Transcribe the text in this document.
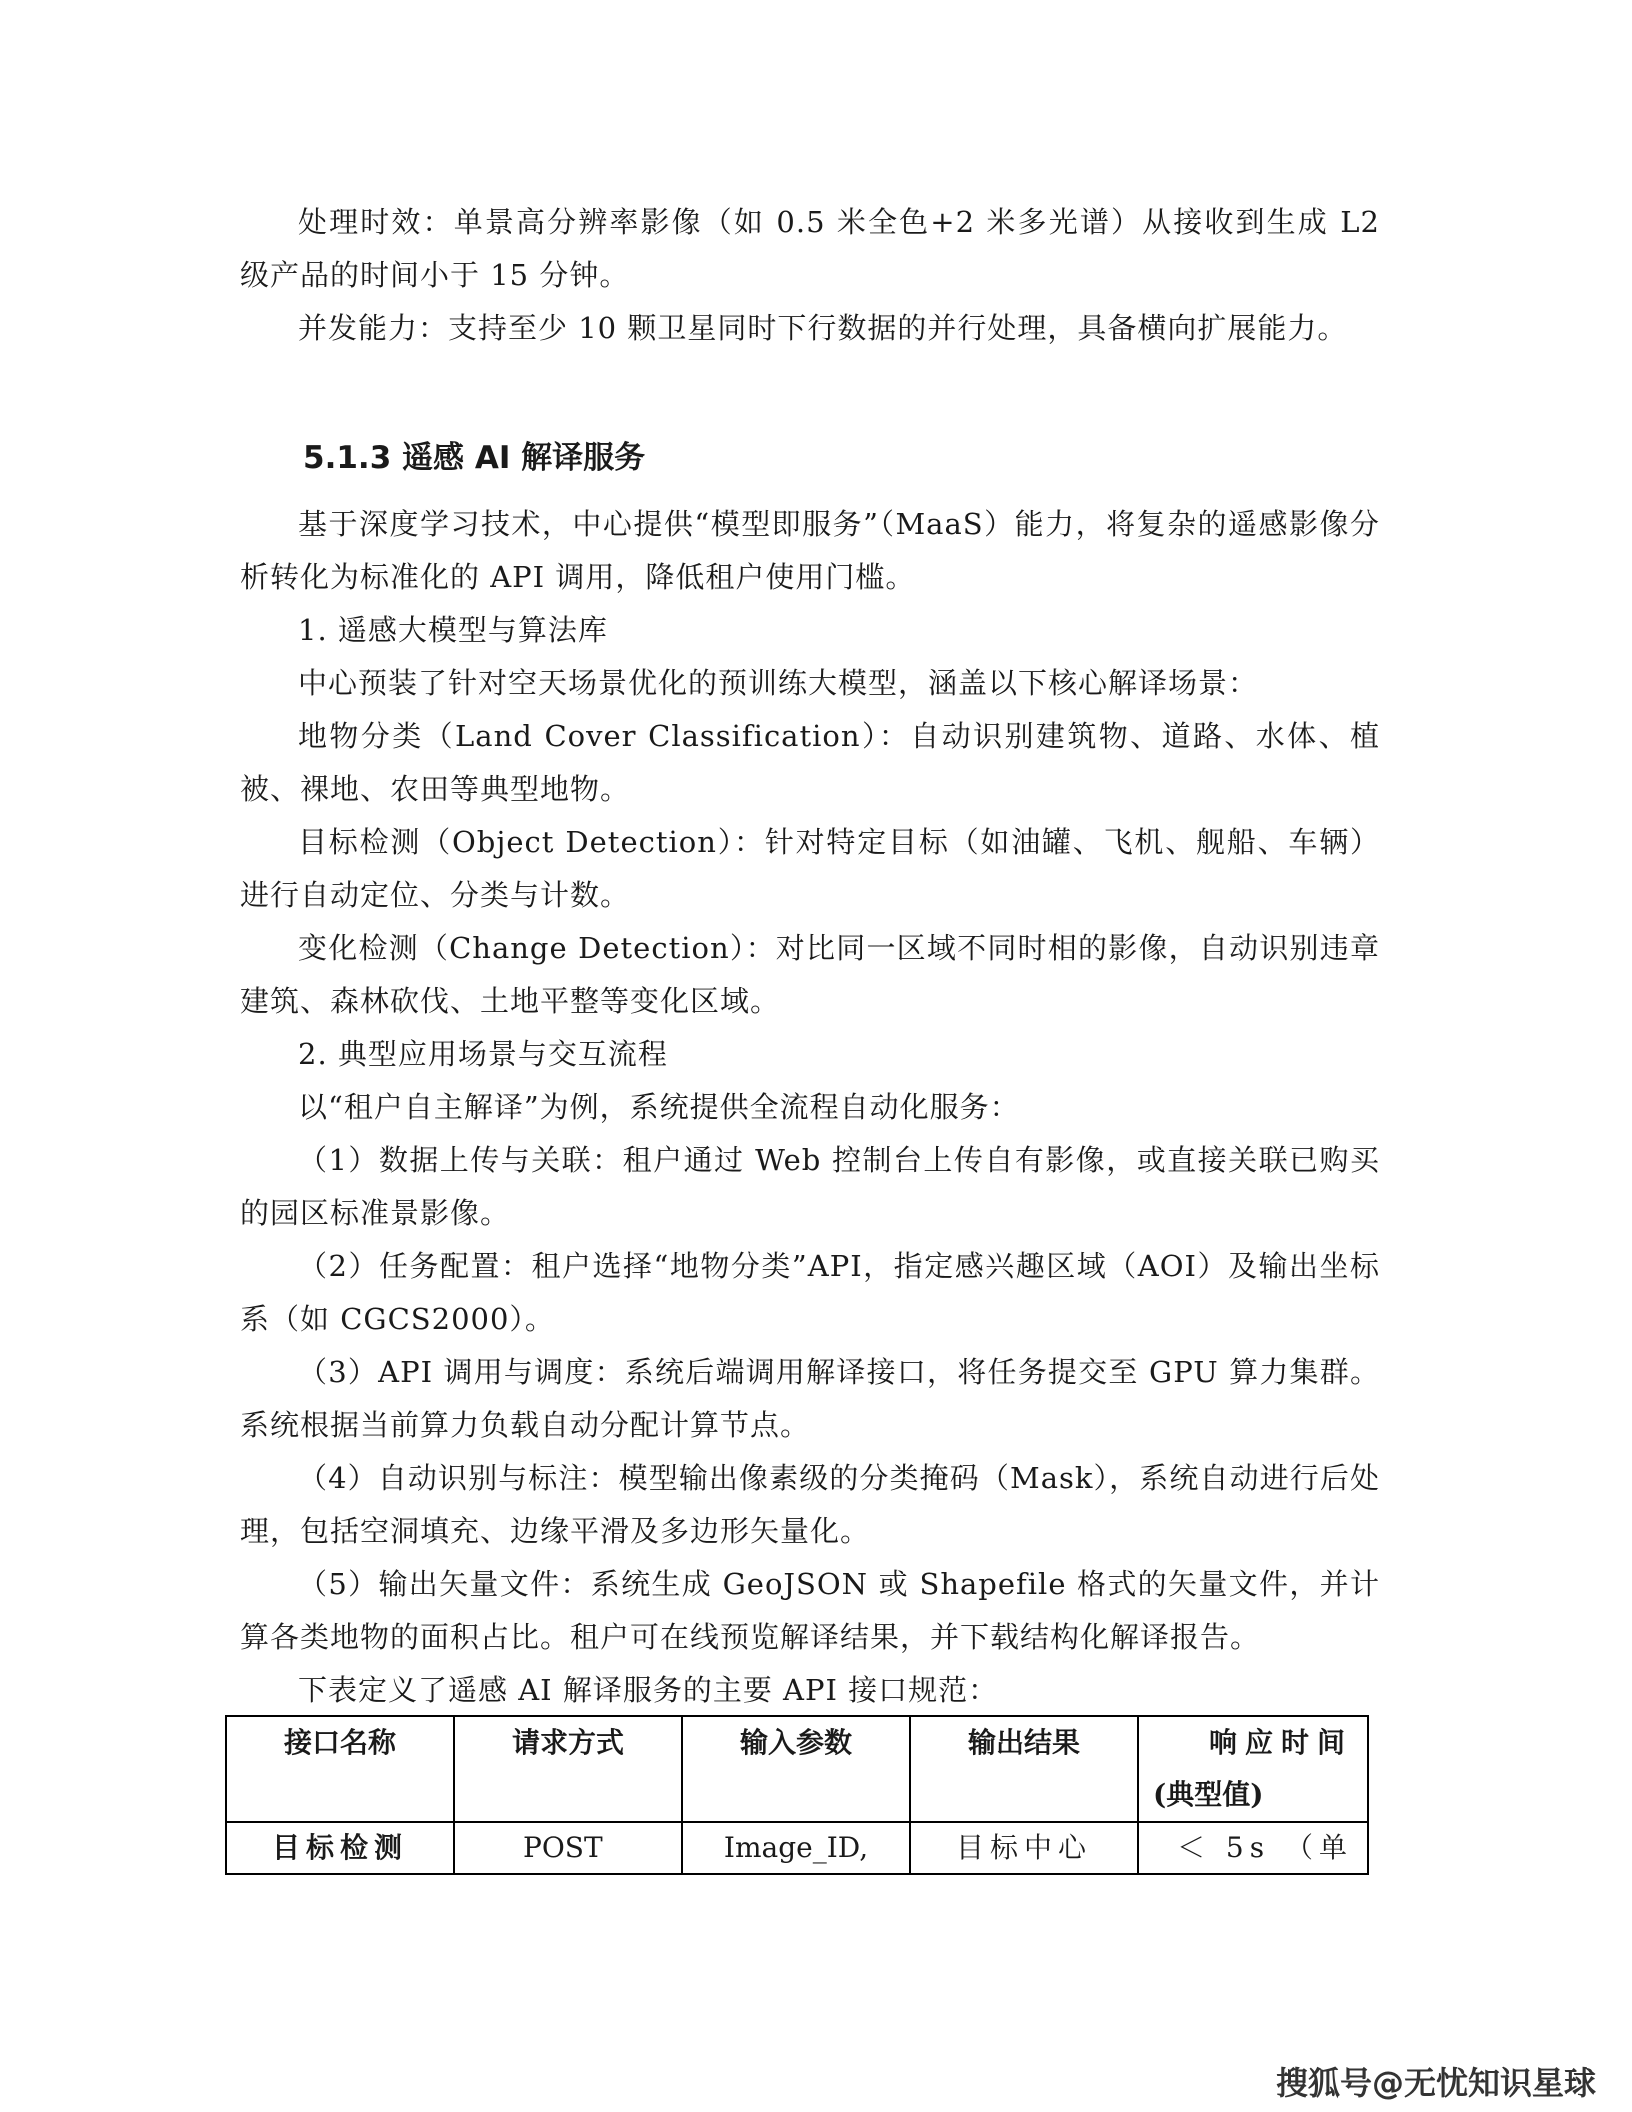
处理时效：单景高分辨率影像（如 0.5 米全色+2 米多光谱）从接收到生成 L2 级产品的时间小于 15 分钟。

并发能力：支持至少 10 颗卫星同时下行数据的并行处理，具备横向扩展能力。

5.1.3 遥感 AI 解译服务

基于深度学习技术，中心提供“模型即服务”（MaaS）能力，将复杂的遥感影像分析转化为标准化的 API 调用，降低租户使用门槛。

1. 遥感大模型与算法库

中心预装了针对空天场景优化的预训练大模型，涵盖以下核心解译场景：

地物分类（Land Cover Classification）：自动识别建筑物、道路、水体、植被、裸地、农田等典型地物。

目标检测（Object Detection）：针对特定目标（如油罐、飞机、舰船、车辆）进行自动定位、分类与计数。

变化检测（Change Detection）：对比同一区域不同时相的影像，自动识别违章建筑、森林砍伐、土地平整等变化区域。

2. 典型应用场景与交互流程

以“租户自主解译”为例，系统提供全流程自动化服务：

（1）数据上传与关联：租户通过 Web 控制台上传自有影像，或直接关联已购买的园区标准景影像。

（2）任务配置：租户选择“地物分类”API，指定感兴趣区域（AOI）及输出坐标系（如 CGCS2000）。

（3）API 调用与调度：系统后端调用解译接口，将任务提交至 GPU 算力集群。系统根据当前算力负载自动分配计算节点。

（4）自动识别与标注：模型输出像素级的分类掩码（Mask），系统自动进行后处理，包括空洞填充、边缘平滑及多边形矢量化。

（5）输出矢量文件：系统生成 GeoJSON 或 Shapefile 格式的矢量文件，并计算各类地物的面积占比。租户可在线预览解译结果，并下载结构化解译报告。

下表定义了遥感 AI 解译服务的主要 API 接口规范：

接口名称	请求方式	输入参数	输出结果	响应时间
(典型值)

目标检测	POST	Image_ID,	目标中心	＜ 5s （单
搜狐号@无忧知识星球
